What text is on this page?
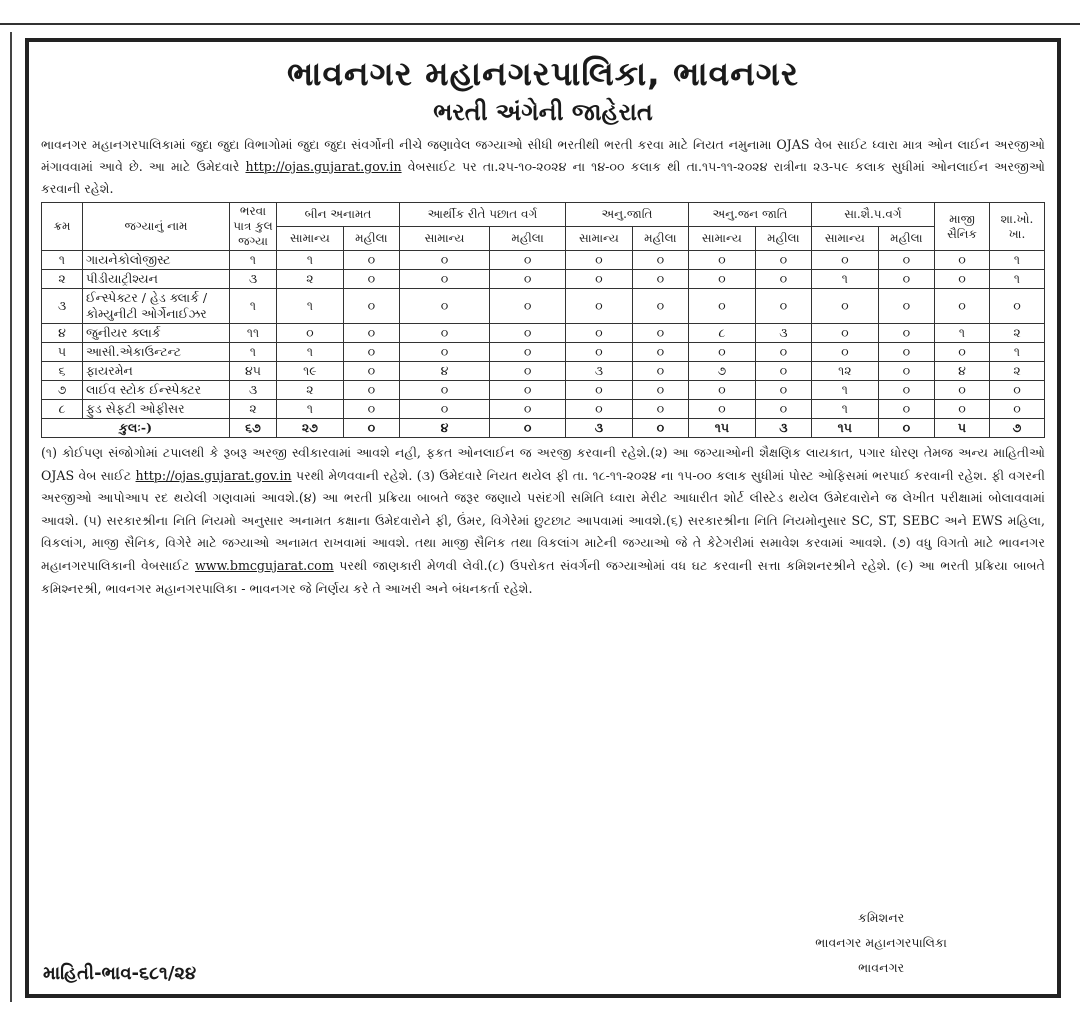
ભાવનગર મહાનગરપાલિકા, ભાવનગર
ભરતી અંગેની જાહેરાત
ભાવનગર મહાનગરપાલિકામાં જુદા જુદા વિભાગોમાં જુદા જુદા સંવર્ગોની નીચે જણાવેલ જગ્યાઓ સીધી ભરતીથી ભરતી કરવા માટે નિયત નમુનામા OJAS વેબ સાઈટ ધ્વારા માત્ર ઓન લાઈન અરજીઓ મંગાવવામાં આવે છે. આ માટે ઉમેદવારે http://ojas.gujarat.gov.in વેબસાઈટ પર તા.૨૫-૧૦-૨૦૨૪ ના ૧૪-૦૦ કલાક થી તા.૧૫-૧૧-૨૦૨૪ રાત્રીના ૨૩-૫૯ કલાક સુધીમાં ઓનલાઈન અરજીઓ કરવાની રહેશે.
ક્રમ	જગ્યાનું નામ	ભરવા પાત્ર કુલ જગ્યા	બીન અનામત		આર્થીક રીતે પછાત વર્ગ		અનુ.જાતિ		અનુ.જન જાતિ		સા.શૈ.પ.વર્ગ		માજી સૈનિક	શા.ખો. ખા.
			સામાન્ય	મહીલા	સામાન્ય	મહીલા	સામાન્ય	મહીલા	સામાન્ય	મહીલા	સામાન્ય	મહીલા		
૧	ગાયનેકોલોજીસ્ટ	૧	૧	૦	૦	૦	૦	૦	૦	૦	૦	૦	૦	૧
૨	પીડીયાટ્રીશ્યન	૩	૨	૦	૦	૦	૦	૦	૦	૦	૧	૦	૦	૧
૩	ઈન્સ્પેક્ટર / હેડ ક્લાર્ક / કોમ્યુનીટી ઓર્ગેનાઈઝર	૧	૧	૦	૦	૦	૦	૦	૦	૦	૦	૦	૦	૦
૪	જુનીયર ક્લાર્ક	૧૧	૦	૦	૦	૦	૦	૦	૮	૩	૦	૦	૧	૨
૫	આસી.એકાઉન્ટન્ટ	૧	૧	૦	૦	૦	૦	૦	૦	૦	૦	૦	૦	૧
૬	ફાયરમેન	૪૫	૧૯	૦	૪	૦	૩	૦	૭	૦	૧૨	૦	૪	૨
૭	લાઈવ સ્ટોક ઈન્સ્પેક્ટર	૩	૨	૦	૦	૦	૦	૦	૦	૦	૧	૦	૦	૦
૮	ફુડ સેફટી ઓફીસર	૨	૧	૦	૦	૦	૦	૦	૦	૦	૧	૦	૦	૦
કુલઃ-)		૬૭	૨૭	૦	૪	૦	૩	૦	૧૫	૩	૧૫	૦	૫	૭
(૧) કોઈપણ સંજોગોમાં ટપાલથી કે રૂબરૂ અરજી સ્વીકારવામાં આવશે નહી, ફકત ઓનલાઈન જ અરજી કરવાની રહેશે.(૨) આ જગ્યાઓની શૈક્ષણિક લાયકાત, પગાર ધોરણ તેમજ અન્ય માહિતીઓ OJAS વેબ સાઈટ http://ojas.gujarat.gov.in પરથી મેળવવાની રહેશે. (૩) ઉમેદવારે નિયત થયેલ ફી તા. ૧૮-૧૧-૨૦૨૪ ના ૧૫-૦૦ કલાક સુધીમાં પોસ્ટ ઓફિસમાં ભરપાઈ કરવાની રહેશ. ફી વગરની અરજીઓ આપોઆપ રદ થયેલી ગણવામાં આવશે.(૪) આ ભરતી પ્રક્રિયા બાબતે જરૂર જણાયે પસંદગી સમિતિ ધ્વારા મેરીટ આધારીત શોર્ટ લીસ્ટેડ થયેલ ઉમેદવારોને જ લેખીત પરીક્ષામાં બોલાવવામાં આવશે. (૫) સરકારશ્રીના નિતિ નિયમો અનુસાર અનામત કક્ષાના ઉમેદવારોને ફી, ઉંમર, વિગેરેમાં છુટછાટ આપવામાં આવશે.(૬) સરકારશ્રીના નિતિ નિયમોનુસાર SC, ST, SEBC અને EWS મહિલા, વિકલાંગ, માજી સૈનિક, વિગેરે માટે જગ્યાઓ અનામત રાખવામાં આવશે. તથા માજી સૈનિક તથા વિકલાંગ માટેની જગ્યાઓ જે તે કેટેગરીમાં સમાવેશ કરવામાં આવશે. (૭) વધુ વિગતો માટે ભાવનગર મહાનગરપાલિકાની વેબસાઈટ www.bmcgujarat.com પરથી જાણકારી મેળવી લેવી.(૮) ઉપરોકત સંવર્ગની જગ્યાઓમાં વધ ઘટ કરવાની સત્તા કમિશનરશ્રીને રહેશે. (૯) આ ભરતી પ્રક્રિયા બાબતે કમિશ્નરશ્રી, ભાવનગર મહાનગરપાલિકા - ભાવનગર જે નિર્ણય કરે તે આખરી અને બંધનકર્તા રહેશે.
કમિશનર
ભાવનગર મહાનગરપાલિકા
ભાવનગર
માહિતી-ભાવ-૬૮૧/૨૪
